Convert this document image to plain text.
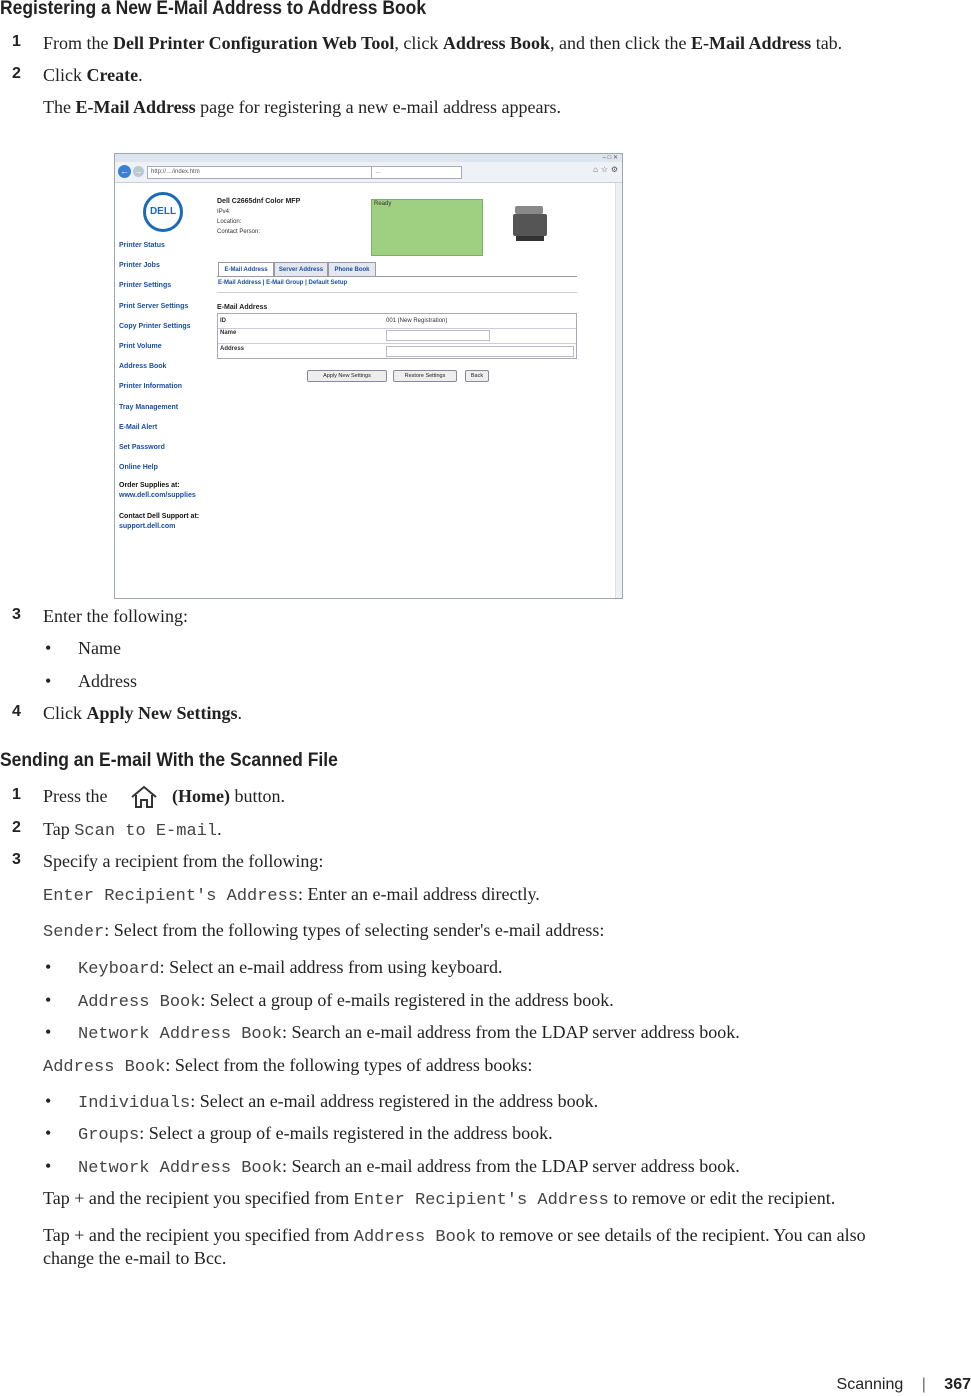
Registering a New E-Mail Address to Address Book
1 From the Dell Printer Configuration Web Tool, click Address Book, and then click the E-Mail Address tab.
2 Click Create.
The E-Mail Address page for registering a new e-mail address appears.
– □ ✕
← →	http://…/index.htm	…	⌂ ☆ ⚙
DELL
Dell C2665dnf Color MFP
IPv4:
Location:
Contact Person:
Ready
Printer Status
Printer Jobs
Printer Settings
Print Server Settings
Copy Printer Settings
Print Volume
Address Book
Printer Information
Tray Management
E-Mail Alert
Set Password
Online Help
Order Supplies at:
www.dell.com/supplies
Contact Dell Support at:
support.dell.com
E-Mail Address	Server Address	Phone Book
E-Mail Address | E-Mail Group | Default Setup
E-Mail Address
ID	001 (New Registration)
Name
Address
Apply New Settings	Restore Settings	Back
3 Enter the following:
• Name
• Address
4 Click Apply New Settings.
Sending an E-mail With the Scanned File
1 Press the	(Home) button.
2 Tap Scan to E-mail.
3 Specify a recipient from the following:
Enter Recipient's Address: Enter an e-mail address directly.
Sender: Select from the following types of selecting sender's e-mail address:
• Keyboard: Select an e-mail address from using keyboard.
• Address Book: Select a group of e-mails registered in the address book.
• Network Address Book: Search an e-mail address from the LDAP server address book.
Address Book: Select from the following types of address books:
• Individuals: Select an e-mail address registered in the address book.
• Groups: Select a group of e-mails registered in the address book.
• Network Address Book: Search an e-mail address from the LDAP server address book.
Tap + and the recipient you specified from Enter Recipient's Address to remove or edit the recipient.
Tap + and the recipient you specified from Address Book to remove or see details of the recipient. You can also
change the e-mail to Bcc.
Scanning | 367
